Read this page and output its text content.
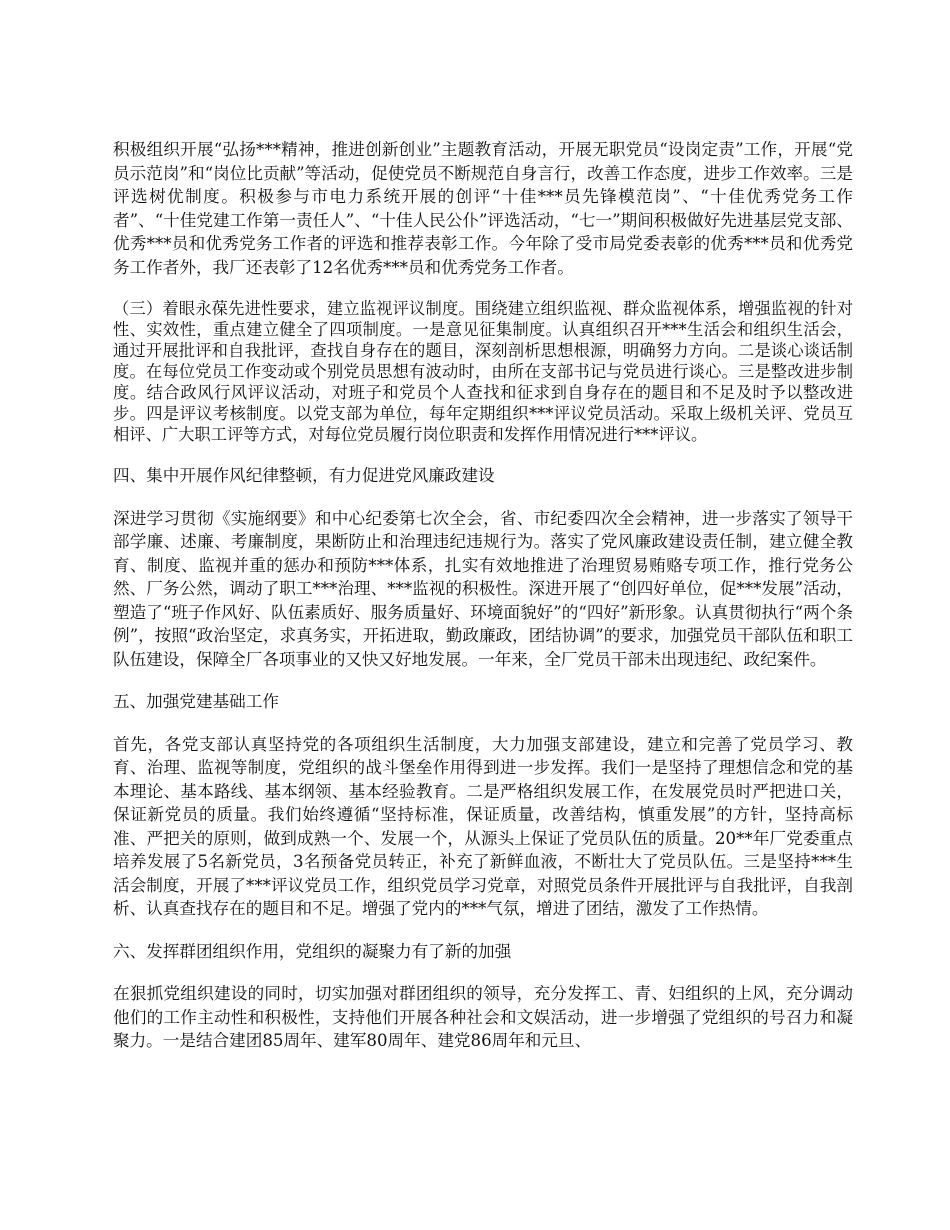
积极组织开展“弘扬***精神，推进创新创业”主题教育活动，开展无职党员“设岗定责”工作，开展“党员示范岗”和“岗位比贡献”等活动，促使党员不断规范自身言行，改善工作态度，进步工作效率。三是评选树优制度。积极参与市电力系统开展的创评“十佳***员先锋模范岗”、“十佳优秀党务工作者”、“十佳党建工作第一责任人”、“十佳人民公仆”评选活动，“七一”期间积极做好先进基层党支部、优秀***员和优秀党务工作者的评选和推荐表彰工作。今年除了受市局党委表彰的优秀***员和优秀党务工作者外，我厂还表彰了12名优秀***员和优秀党务工作者。

（三）着眼永葆先进性要求，建立监视评议制度。围绕建立组织监视、群众监视体系，增强监视的针对性、实效性，重点建立健全了四项制度。一是意见征集制度。认真组织召开***生活会和组织生活会，通过开展批评和自我批评，查找自身存在的题目，深刻剖析思想根源，明确努力方向。二是谈心谈话制度。在每位党员工作变动或个别党员思想有波动时，由所在支部书记与党员进行谈心。三是整改进步制度。结合政风行风评议活动，对班子和党员个人查找和征求到自身存在的题目和不足及时予以整改进步。四是评议考核制度。以党支部为单位，每年定期组织***评议党员活动。采取上级机关评、党员互相评、广大职工评等方式，对每位党员履行岗位职责和发挥作用情况进行***评议。

四、集中开展作风纪律整顿，有力促进党风廉政建设

深进学习贯彻《实施纲要》和中心纪委第七次全会，省、市纪委四次全会精神，进一步落实了领导干部学廉、述廉、考廉制度，果断防止和治理违纪违规行为。落实了党风廉政建设责任制，建立健全教育、制度、监视并重的惩办和预防***体系，扎实有效地推进了治理贸易贿赂专项工作，推行党务公然、厂务公然，调动了职工***治理、***监视的积极性。深进开展了“创四好单位，促***发展”活动，塑造了“班子作风好、队伍素质好、服务质量好、环境面貌好”的“四好”新形象。认真贯彻执行“两个条例”，按照“政治坚定，求真务实，开拓进取，勤政廉政，团结协调”的要求，加强党员干部队伍和职工队伍建设，保障全厂各项事业的又快又好地发展。一年来，全厂党员干部未出现违纪、政纪案件。

五、加强党建基础工作

首先，各党支部认真坚持党的各项组织生活制度，大力加强支部建设，建立和完善了党员学习、教育、治理、监视等制度，党组织的战斗堡垒作用得到进一步发挥。我们一是坚持了理想信念和党的基本理论、基本路线、基本纲领、基本经验教育。二是严格组织发展工作，在发展党员时严把进口关，保证新党员的质量。我们始终遵循“坚持标准，保证质量，改善结构，慎重发展”的方针，坚持高标准、严把关的原则，做到成熟一个、发展一个，从源头上保证了党员队伍的质量。20**年厂党委重点培养发展了5名新党员，3名预备党员转正，补充了新鲜血液，不断壮大了党员队伍。三是坚持***生活会制度，开展了***评议党员工作，组织党员学习党章，对照党员条件开展批评与自我批评，自我剖析、认真查找存在的题目和不足。增强了党内的***气氛，增进了团结，激发了工作热情。

六、发挥群团组织作用，党组织的凝聚力有了新的加强

在狠抓党组织建设的同时，切实加强对群团组织的领导，充分发挥工、青、妇组织的上风，充分调动他们的工作主动性和积极性，支持他们开展各种社会和文娱活动，进一步增强了党组织的号召力和凝聚力。一是结合建团85周年、建军80周年、建党86周年和元旦、
